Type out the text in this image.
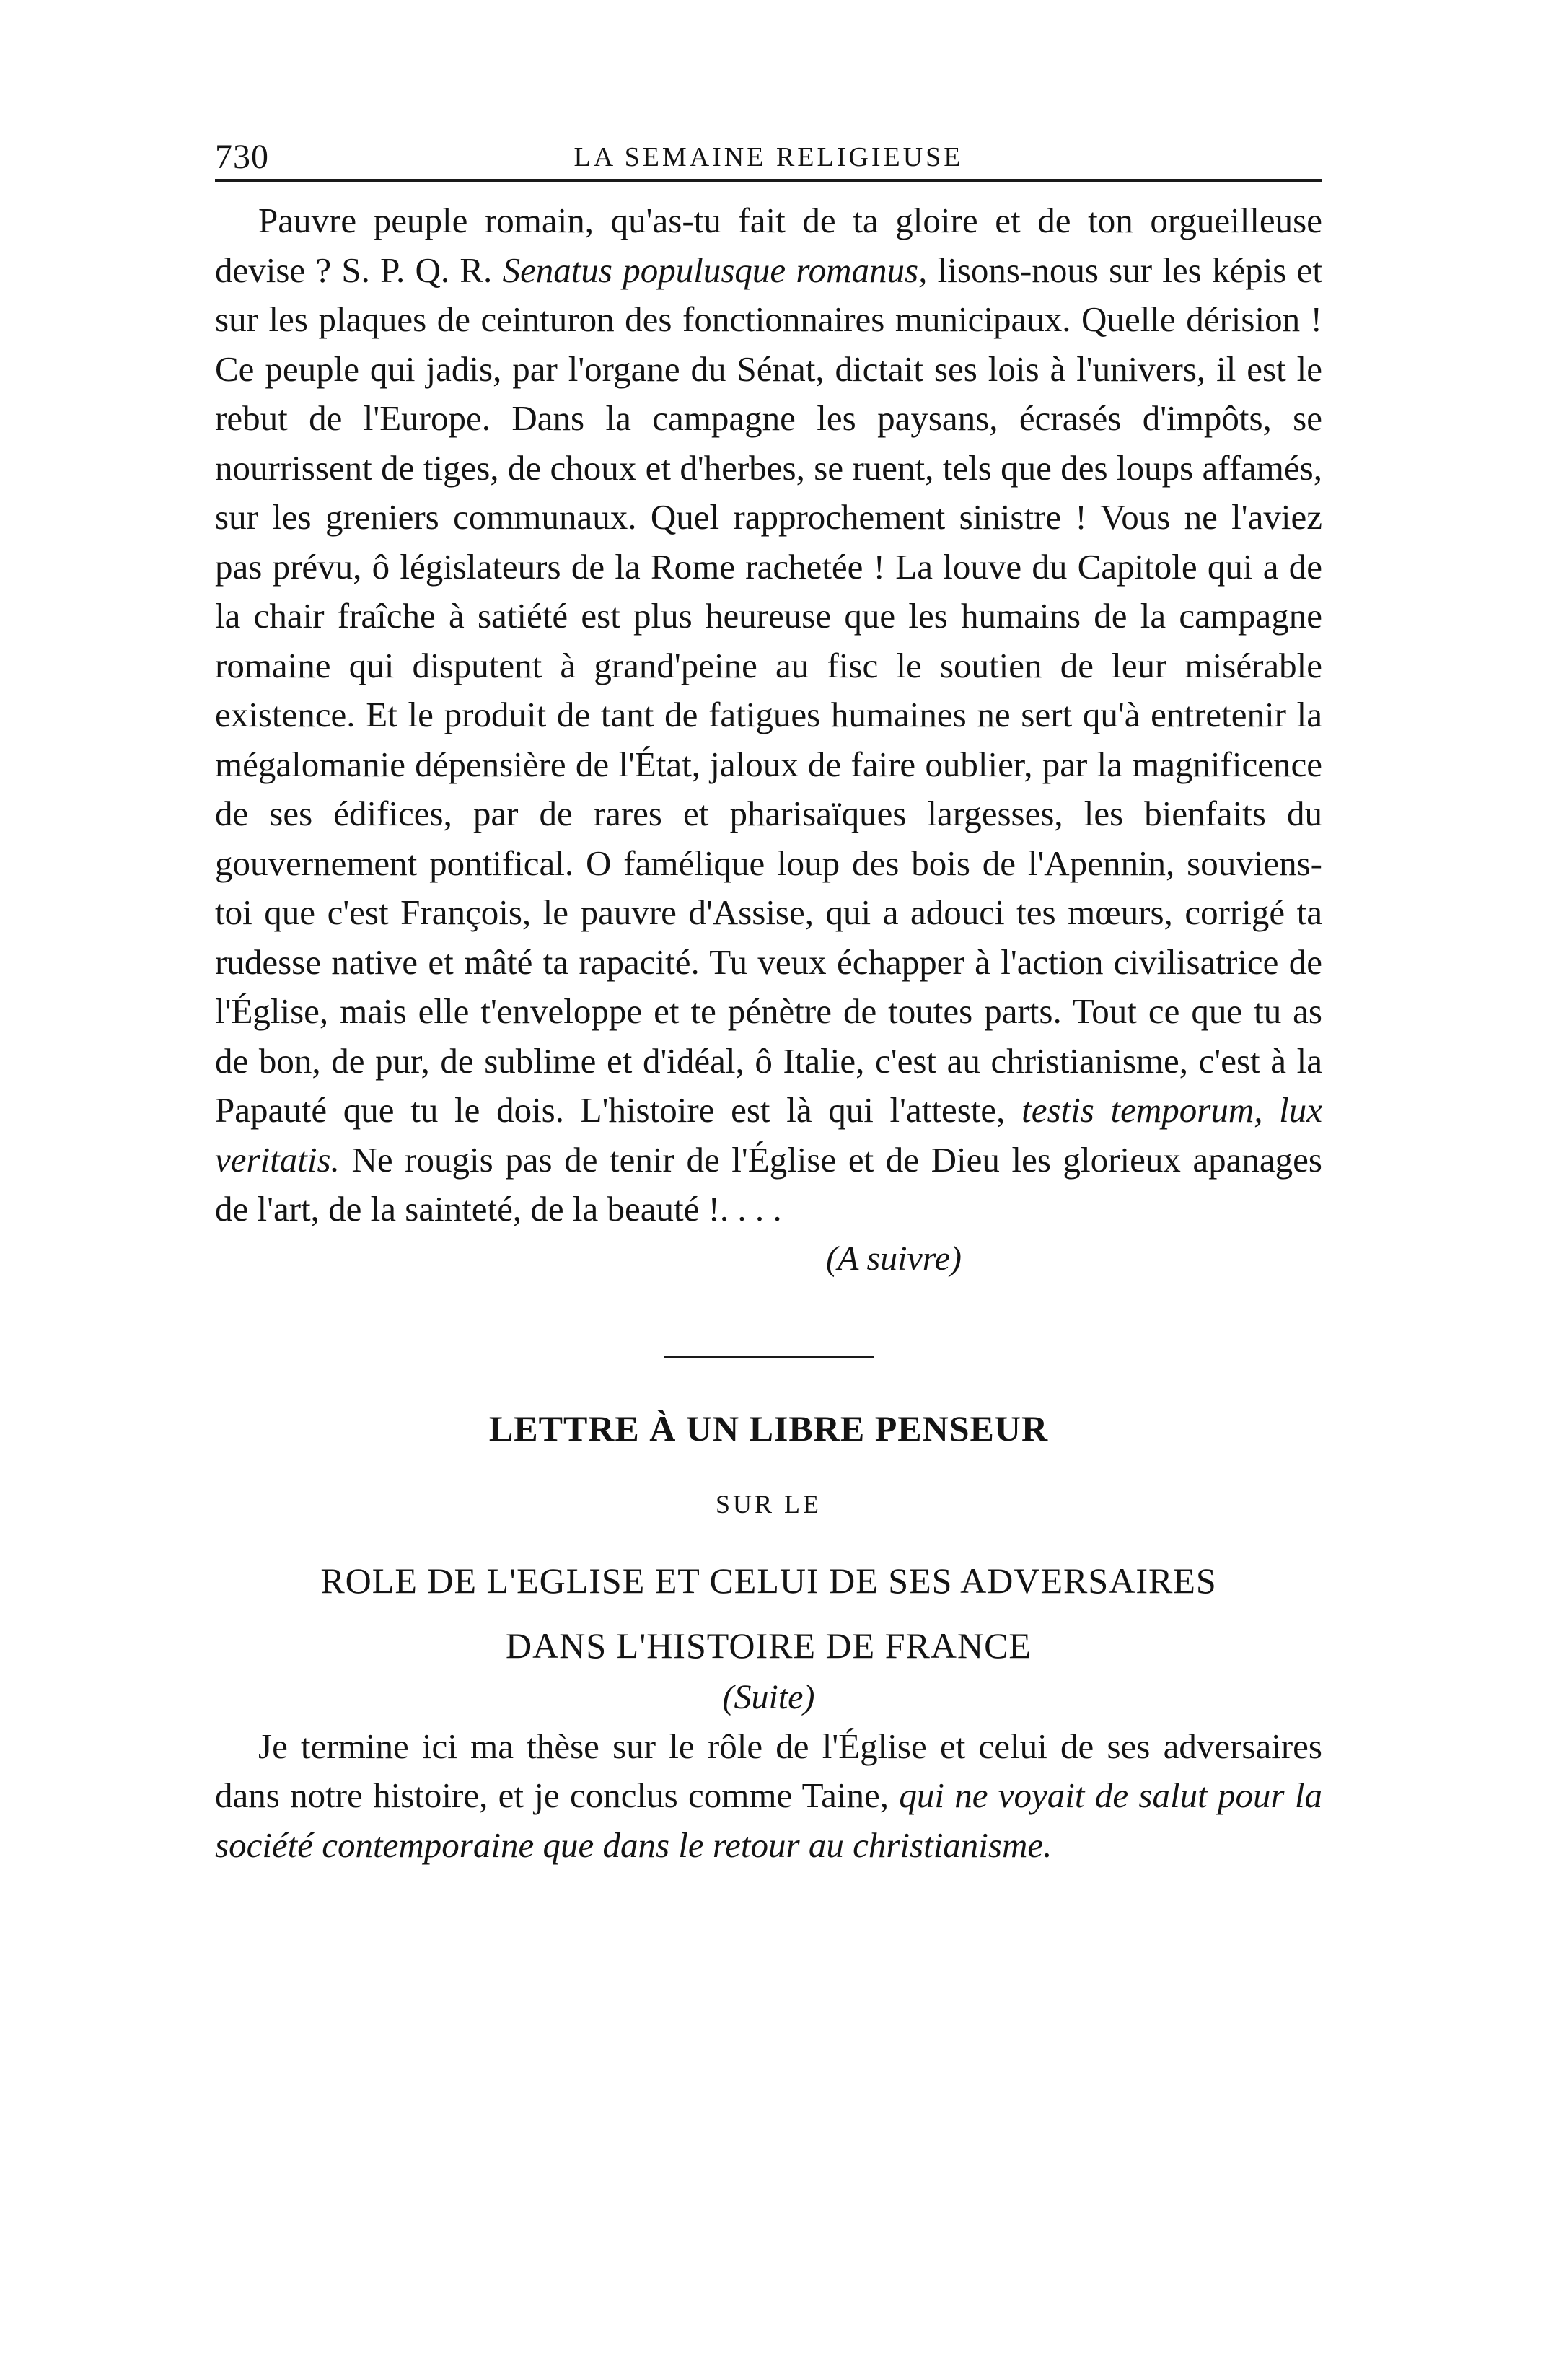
730	LA SEMAINE RELIGIEUSE

Pauvre peuple romain, qu'as-tu fait de ta gloire et de ton orgueilleuse devise ? S. P. Q. R. Senatus populusque romanus, lisons-nous sur les képis et sur les plaques de ceinturon des fonctionnaires municipaux. Quelle dérision ! Ce peuple qui jadis, par l'organe du Sénat, dictait ses lois à l'univers, il est le rebut de l'Europe. Dans la campagne les paysans, écrasés d'impôts, se nourrissent de tiges, de choux et d'herbes, se ruent, tels que des loups affamés, sur les greniers communaux. Quel rapprochement sinistre ! Vous ne l'aviez pas prévu, ô législateurs de la Rome rachetée ! La louve du Capitole qui a de la chair fraîche à satiété est plus heureuse que les humains de la campagne romaine qui disputent à grand'peine au fisc le soutien de leur misérable existence. Et le produit de tant de fatigues humaines ne sert qu'à entretenir la mégalomanie dépensière de l'État, jaloux de faire oublier, par la magnificence de ses édifices, par de rares et pharisaïques largesses, les bienfaits du gouvernement pontifical. O famélique loup des bois de l'Apennin, souviens-toi que c'est François, le pauvre d'Assise, qui a adouci tes mœurs, corrigé ta rudesse native et mâté ta rapacité. Tu veux échapper à l'action civilisatrice de l'Église, mais elle t'enveloppe et te pénètre de toutes parts. Tout ce que tu as de bon, de pur, de sublime et d'idéal, ô Italie, c'est au christianisme, c'est à la Papauté que tu le dois. L'histoire est là qui l'atteste, testis temporum, lux veritatis. Ne rougis pas de tenir de l'Église et de Dieu les glorieux apanages de l'art, de la sainteté, de la beauté !. . . .

(A suivre)

LETTRE À UN LIBRE PENSEUR
SUR LE
ROLE DE L'EGLISE ET CELUI DE SES ADVERSAIRES
DANS L'HISTOIRE DE FRANCE
(Suite)

Je termine ici ma thèse sur le rôle de l'Église et celui de ses adversaires dans notre histoire, et je conclus comme Taine, qui ne voyait de salut pour la société contemporaine que dans le retour au christianisme.
